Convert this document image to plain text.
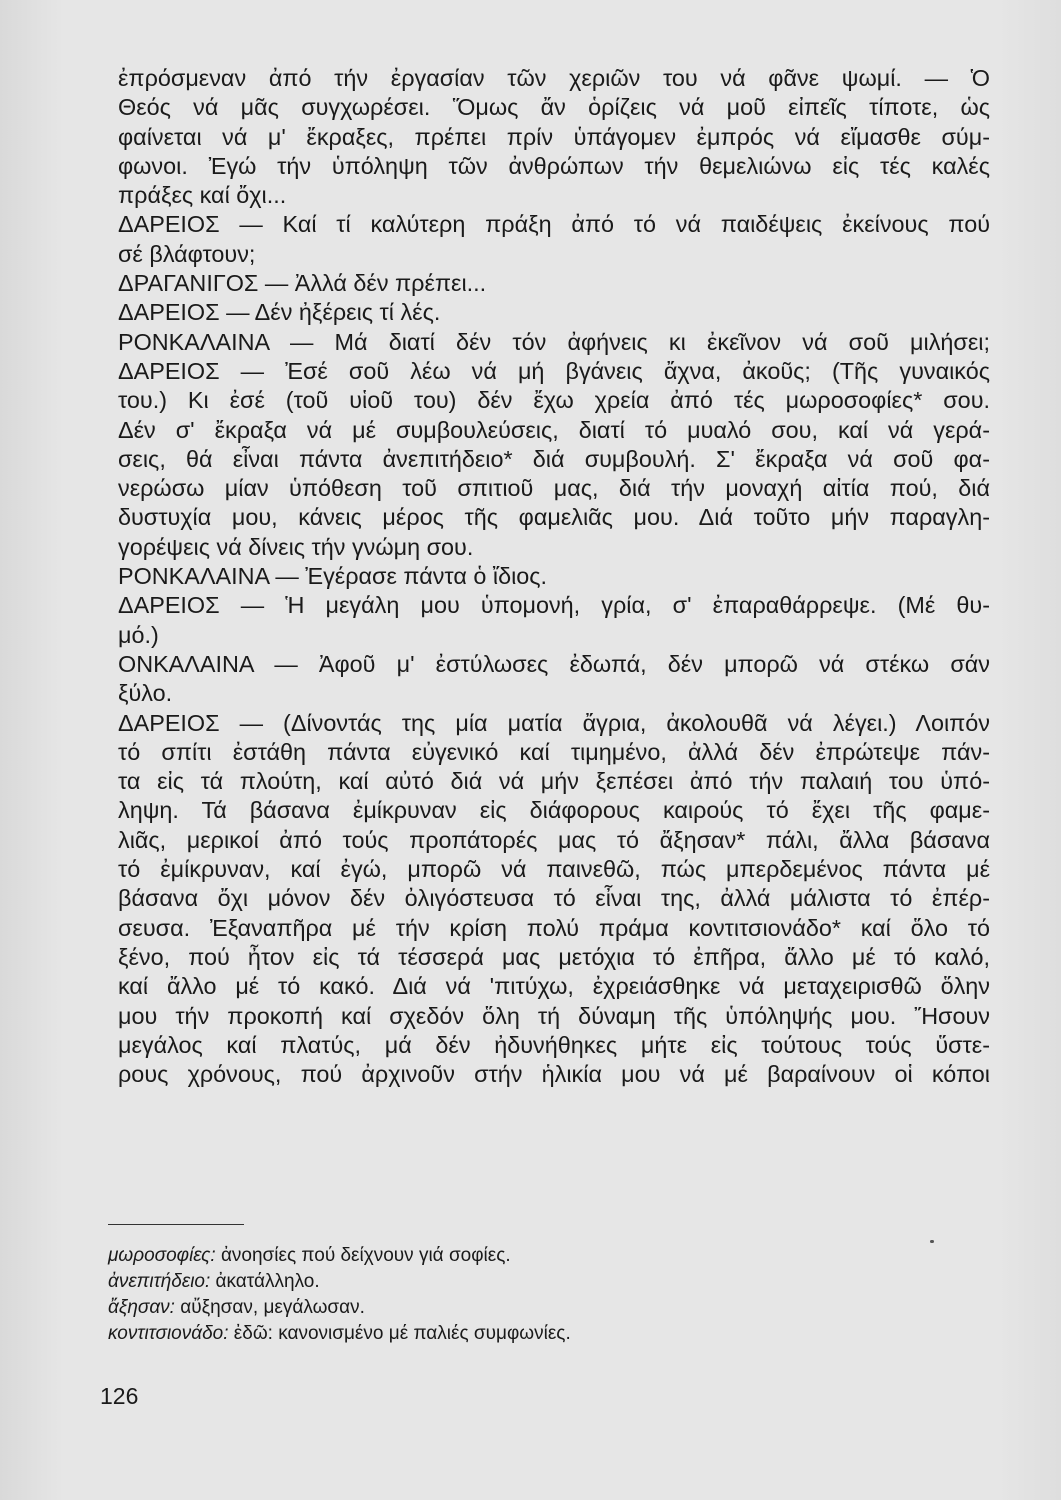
ἐπρόσμεναν ἀπό τήν ἐργασίαν τῶν χεριῶν του νά φᾶνε ψωμί. — Ὁ
Θεός νά μᾶς συγχωρέσει. Ὅμως ἄν ὁρίζεις νά μοῦ εἰπεῖς τίποτε, ὡς
φαίνεται νά μ' ἔκραξες, πρέπει πρίν ὑπάγομεν ἐμπρός νά εἴμασθε σύμ-
φωνοι. Ἐγώ τήν ὑπόληψη τῶν ἀνθρώπων τήν θεμελιώνω εἰς τές καλές
πράξες καί ὄχι...
ΔΑΡΕΙΟΣ — Καί τί καλύτερη πράξη ἀπό τό νά παιδέψεις ἐκείνους πού
σέ βλάφτουν;
ΔΡΑΓΑΝΙΓΟΣ — Ἀλλά δέν πρέπει...
ΔΑΡΕΙΟΣ — Δέν ἠξέρεις τί λές.
ΡΟΝΚΑΛΑΙΝΑ — Μά διατί δέν τόν ἀφήνεις κι ἐκεῖνον νά σοῦ μιλήσει;
ΔΑΡΕΙΟΣ — Ἐσέ σοῦ λέω νά μή βγάνεις ἄχνα, ἀκοῦς; (Τῆς γυναικός
του.) Κι ἐσέ (τοῦ υἱοῦ του) δέν ἔχω χρεία ἀπό τές μωροσοφίες* σου.
Δέν σ' ἔκραξα νά μέ συμβουλεύσεις, διατί τό μυαλό σου, καί νά γερά-
σεις, θά εἶναι πάντα ἀνεπιτήδειο* διά συμβουλή. Σ' ἔκραξα νά σοῦ φα-
νερώσω μίαν ὑπόθεση τοῦ σπιτιοῦ μας, διά τήν μοναχή αἰτία πού, διά
δυστυχία μου, κάνεις μέρος τῆς φαμελιᾶς μου. Διά τοῦτο μήν παραγλη-
γορέψεις νά δίνεις τήν γνώμη σου.
ΡΟΝΚΑΛΑΙΝΑ — Ἐγέρασε πάντα ὁ ἴδιος.
ΔΑΡΕΙΟΣ — Ἡ μεγάλη μου ὑπομονή, γρία, σ' ἐπαραθάρρεψε. (Μέ θυ-
μό.)
ΟΝΚΑΛΑΙΝΑ — Ἀφοῦ μ' ἐστύλωσες ἐδωπά, δέν μπορῶ νά στέκω σάν
ξύλο.
ΔΑΡΕΙΟΣ — (Δίνοντάς της μία ματία ἄγρια, ἀκολουθᾶ νά λέγει.) Λοιπόν
τό σπίτι ἐστάθη πάντα εὐγενικό καί τιμημένο, ἀλλά δέν ἐπρώτεψε πάν-
τα εἰς τά πλούτη, καί αὐτό διά νά μήν ξεπέσει ἀπό τήν παλαιή του ὑπό-
ληψη. Τά βάσανα ἐμίκρυναν εἰς διάφορους καιρούς τό ἔχει τῆς φαμε-
λιᾶς, μερικοί ἀπό τούς προπάτορές μας τό ἄξησαν* πάλι, ἄλλα βάσανα
τό ἐμίκρυναν, καί ἐγώ, μπορῶ νά παινεθῶ, πώς μπερδεμένος πάντα μέ
βάσανα ὄχι μόνον δέν ὀλιγόστευσα τό εἶναι της, ἀλλά μάλιστα τό ἐπέρ-
σευσα. Ἐξαναπῆρα μέ τήν κρίση πολύ πράμα κοντιτσιονάδο* καί ὅλο τό
ξένο, πού ἦτον εἰς τά τέσσερά μας μετόχια τό ἐπῆρα, ἄλλο μέ τό καλό,
καί ἄλλο μέ τό κακό. Διά νά 'πιτύχω, ἐχρειάσθηκε νά μεταχειρισθῶ ὅλην
μου τήν προκοπή καί σχεδόν ὅλη τή δύναμη τῆς ὑπόληψής μου. Ἤσουν
μεγάλος καί πλατύς, μά δέν ἠδυνήθηκες μήτε εἰς τούτους τούς ὕστε-
ρους χρόνους, πού ἀρχινοῦν στήν ἡλικία μου νά μέ βαραίνουν οἱ κόποι
μωροσοφίες: ἀνοησίες πού δείχνουν γιά σοφίες.
ἀνεπιτήδειο: ἀκατάλληλο.
ἄξησαν: αὔξησαν, μεγάλωσαν.
κοντιτσιονάδο: ἐδῶ: κανονισμένο μέ παλιές συμφωνίες.
126
